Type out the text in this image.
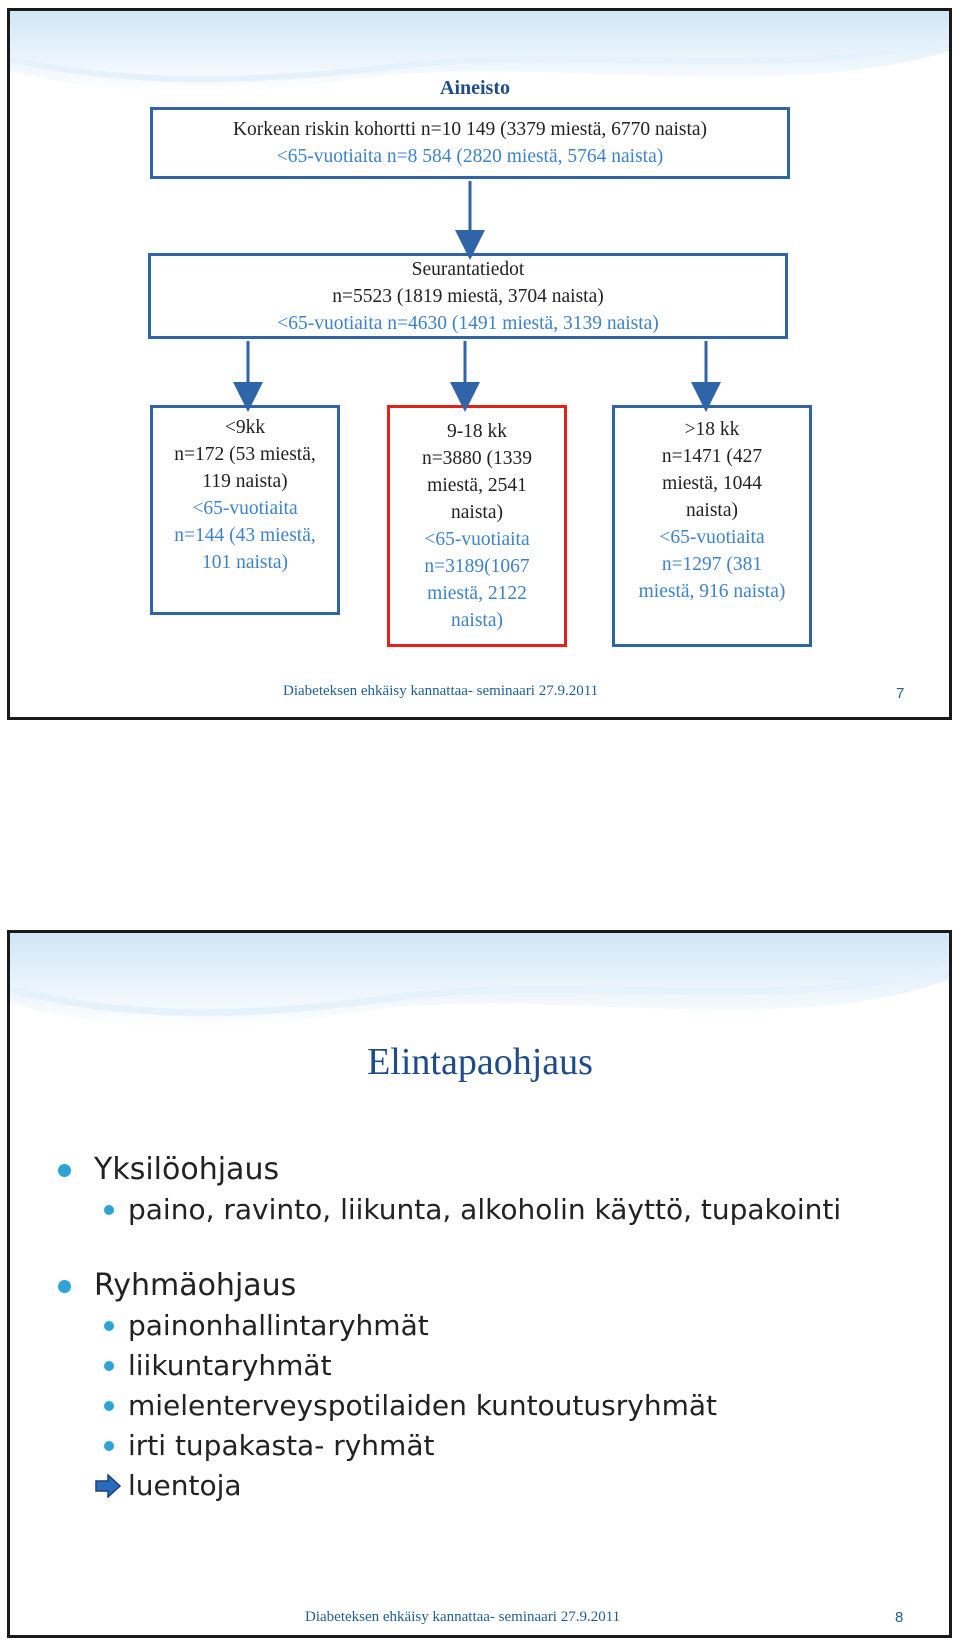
Aineisto
Korkean riskin kohortti n=10 149 (3379 miestä, 6770 naista)
<65-vuotiaita n=8 584 (2820 miestä, 5764 naista)
Seurantatiedot
n=5523 (1819 miestä, 3704 naista)
<65-vuotiaita n=4630 (1491 miestä, 3139 naista)
<9kk
n=172 (53 miestä,
119 naista)
<65-vuotiaita
n=144 (43 miestä,
101 naista)
9-18 kk
n=3880 (1339
miestä, 2541
naista)
<65-vuotiaita
n=3189(1067
miestä, 2122
naista)
>18 kk
n=1471 (427
miestä, 1044
naista)
<65-vuotiaita
n=1297 (381
miestä, 916 naista)
Diabeteksen ehkäisy kannattaa- seminaari 27.9.2011	7
Elintapaohjaus
Yksilöohjaus
paino, ravinto, liikunta, alkoholin käyttö, tupakointi
Ryhmäohjaus
painonhallintaryhmät
liikuntaryhmät
mielenterveyspotilaiden kuntoutusryhmät
irti tupakasta- ryhmät
luentoja
Diabeteksen ehkäisy kannattaa- seminaari 27.9.2011	8
